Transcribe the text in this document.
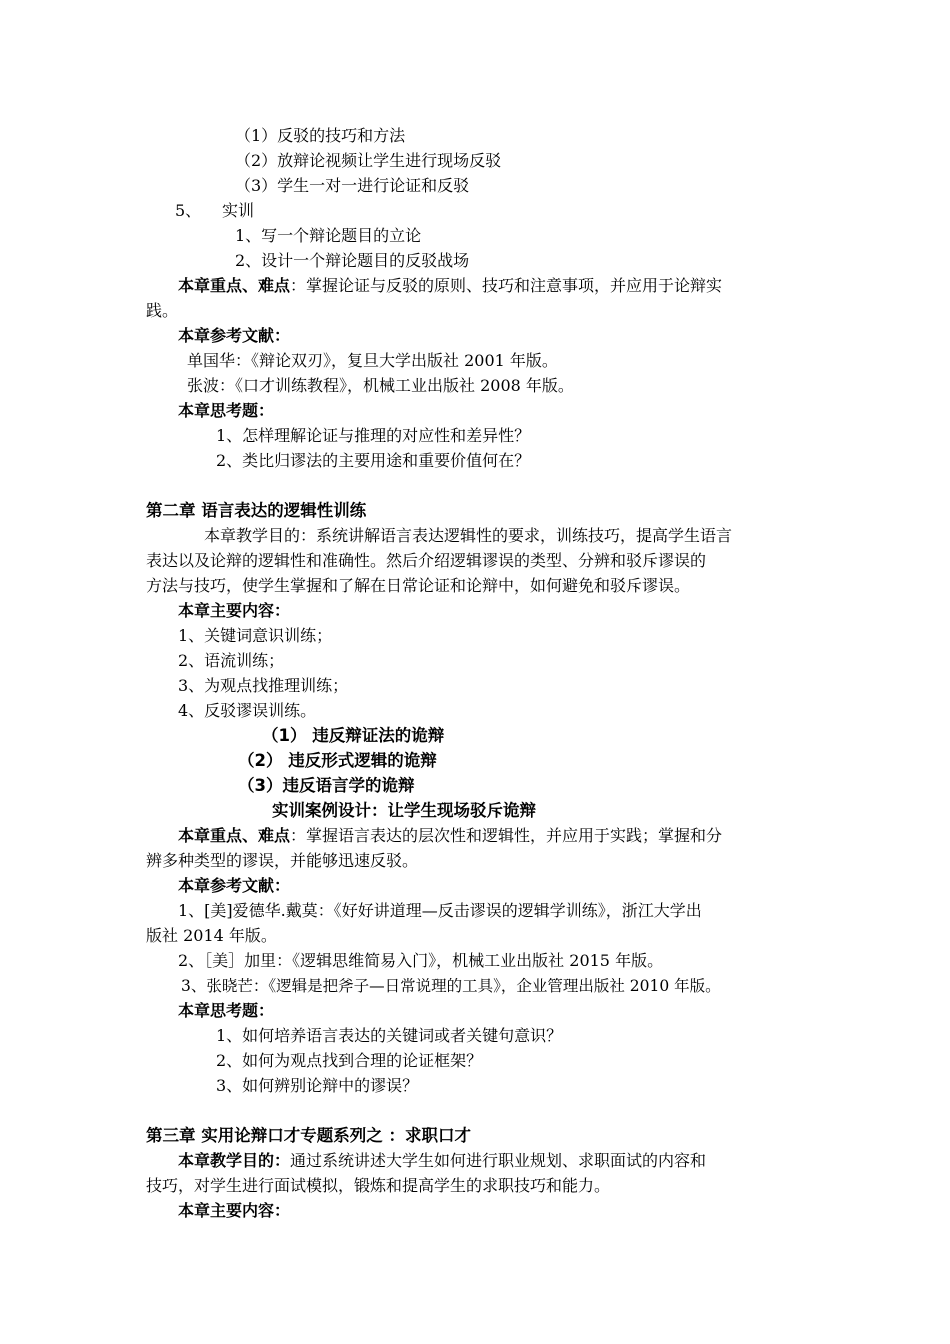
（1）反驳的技巧和方法
（2）放辩论视频让学生进行现场反驳
（3）学生一对一进行论证和反驳
5、 实训
1、写一个辩论题目的立论
2、设计一个辩论题目的反驳战场
本章重点、难点：掌握论证与反驳的原则、技巧和注意事项，并应用于论辩实
践。
本章参考文献：
单国华：《辩论双刃》，复旦大学出版社 2001 年版。
张波：《口才训练教程》，机械工业出版社 2008 年版。
本章思考题：
1、怎样理解论证与推理的对应性和差异性？
2、类比归谬法的主要用途和重要价值何在？
第二章 语言表达的逻辑性训练
本章教学目的：系统讲解语言表达逻辑性的要求，训练技巧，提高学生语言
表达以及论辩的逻辑性和准确性。然后介绍逻辑谬误的类型、分辨和驳斥谬误的
方法与技巧，使学生掌握和了解在日常论证和论辩中，如何避免和驳斥谬误。
本章主要内容：
1、关键词意识训练；
2、语流训练；
3、为观点找推理训练；
4、反驳谬误训练。
（1） 违反辩证法的诡辩
（2） 违反形式逻辑的诡辩
（3）违反语言学的诡辩
实训案例设计：让学生现场驳斥诡辩
本章重点、难点：掌握语言表达的层次性和逻辑性，并应用于实践；掌握和分
辨多种类型的谬误，并能够迅速反驳。
本章参考文献：
1、[美]爱德华.戴莫：《好好讲道理—反击谬误的逻辑学训练》，浙江大学出
版社 2014 年版。
2、［美］加里：《逻辑思维简易入门》，机械工业出版社 2015 年版。
3、张晓芒：《逻辑是把斧子—日常说理的工具》，企业管理出版社 2010 年版。
本章思考题：
1、如何培养语言表达的关键词或者关键句意识？
2、如何为观点找到合理的论证框架？
3、如何辨别论辩中的谬误？
第三章 实用论辩口才专题系列之 ：求职口才
本章教学目的：通过系统讲述大学生如何进行职业规划、求职面试的内容和
技巧，对学生进行面试模拟，锻炼和提高学生的求职技巧和能力。
本章主要内容：
